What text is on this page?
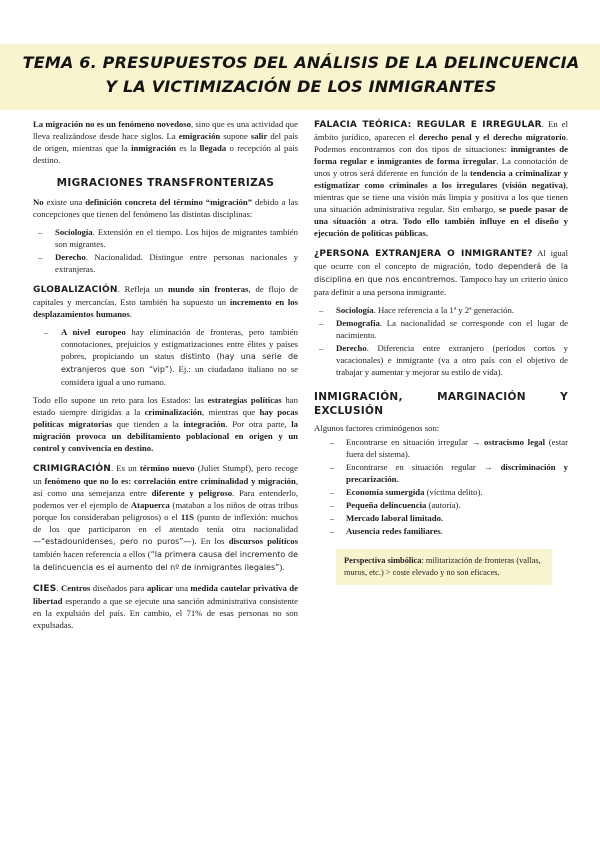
TEMA 6. PRESUPUESTOS DEL ANÁLISIS DE LA DELINCUENCIA Y LA VICTIMIZACIÓN DE LOS INMIGRANTES

La migración no es un fenómeno novedoso, sino que es una actividad que lleva realizándose desde hace siglos. La emigración supone salir del país de origen, mientras que la inmigración es la llegada o recepción al país destino.

MIGRACIONES TRANSFRONTERIZAS

No existe una definición concreta del término “migración” debido a las concepciones que tienen del fenómeno las distintas disciplinas:

– Sociología. Extensión en el tiempo. Los hijos de migrantes también son migrantes.
– Derecho. Nacionalidad. Distingue entre personas nacionales y extranjeras.

GLOBALIZACIÓN. Refleja un mundo sin fronteras, de flujo de capitales y mercancías. Esto también ha supuesto un incremento en los desplazamientos humanos.

– A nivel europeo hay eliminación de fronteras, pero también connotaciones, prejuicios y estigmatizaciones entre élites y países pobres, propiciando un status distinto (hay una serie de extranjeros que son “vip”). Ej.: un ciudadano italiano no se considera igual a uno rumano.

Todo ello supone un reto para los Estados: las estrategias políticas han estado siempre dirigidas a la criminalización, mientras que hay pocas políticas migratorias que tienden a la integración. Por otra parte, la migración provoca un debilitamiento poblacional en origen y un control y convivencia en destino.

CRIMIGRACIÓN. Es un término nuevo (Juliet Stumpf), pero recoge un fenómeno que no lo es: correlación entre criminalidad y migración, así como una semejanza entre diferente y peligroso. Para entenderlo, podemos ver el ejemplo de Atapuerca (mataban a los niños de otras tribus porque los consideraban peligrosos) o el 11S (punto de inflexión: muchos de los que participaron en el atentado tenía otra nacionalidad —“estadounidenses, pero no puros”—). En los discursos políticos también hacen referencia a ellos (“la primera causa del incremento de la delincuencia es el aumento del nº de inmigrantes ilegales”).

CIES. Centros diseñados para aplicar una medida cautelar privativa de libertad esperando a que se ejecute una sanción administrativa consistente en la expulsión del país. En cambio, el 71% de esas personas no son expulsadas.

FALACIA TEÓRICA: REGULAR E IRREGULAR. En el ámbito jurídico, aparecen el derecho penal y el derecho migratorio. Podemos encontrarnos con dos tipos de situaciones: inmigrantes de forma regular e inmigrantes de forma irregular. La connotación de unos y otros será diferente en función de la tendencia a criminalizar y estigmatizar como criminales a los irregulares (visión negativa), mientras que se tiene una visión más limpia y positiva a los que tienen una situación administrativa regular. Sin embargo, se puede pasar de una situación a otra. Todo ello también influye en el diseño y ejecución de políticas públicas.

¿PERSONA EXTRANJERA O INMIGRANTE? Al igual que ocurre con el concepto de migración, todo dependerá de la disciplina en que nos encontremos. Tampoco hay un criterio único para definir a una persona inmigrante.

– Sociología. Hace referencia a la 1ª y 2ª generación.
– Demografía. La nacionalidad se corresponde con el lugar de nacimiento.
– Derecho. Diferencia entre extranjero (periodos cortos y vacacionales) e inmigrante (va a otro país con el objetivo de trabajar y aumentar y mejorar su estilo de vida).
INMIGRACIÓN, MARGINACIÓN Y EXCLUSIÓN

Algunos factores criminógenos son:

– Encontrarse en situación irregular → ostracismo legal (estar fuera del sistema).
– Encontrarse en situación regular → discriminación y precarización.
– Economía sumergida (víctima delito).
– Pequeña delincuencia (autoría).
– Mercado laboral limitado.
– Ausencia redes familiares.
Perspectiva simbólica: militarización de fronteras (vallas, muros, etc.) > coste elevado y no son eficaces.
